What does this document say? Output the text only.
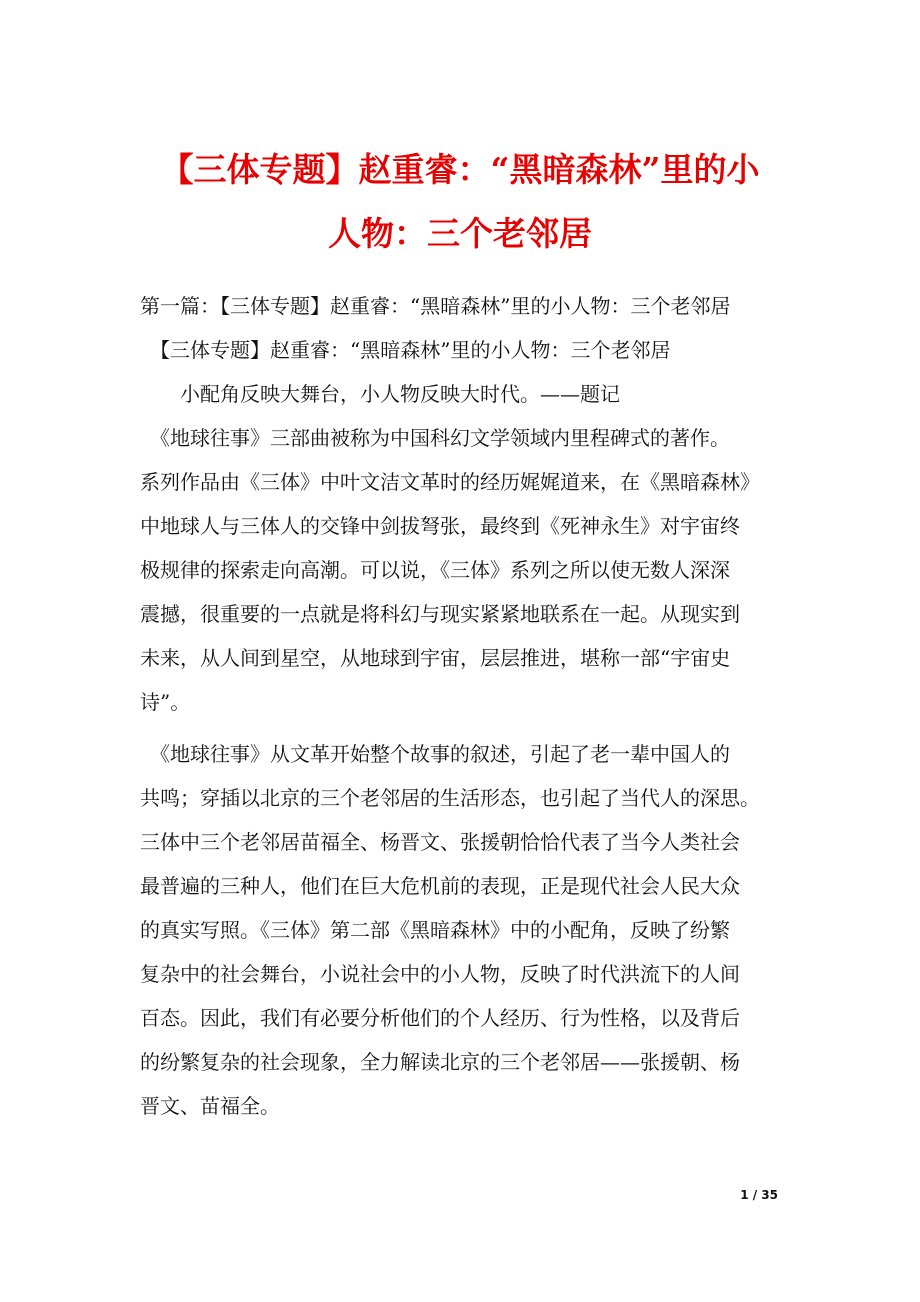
【三体专题】赵重睿：“黑暗森林”里的小
人物：三个老邻居
第一篇：【三体专题】赵重睿：“黑暗森林”里的小人物：三个老邻居
　【三体专题】赵重睿：“黑暗森林”里的小人物：三个老邻居
　　小配角反映大舞台，小人物反映大时代。——题记
　《地球往事》三部曲被称为中国科幻文学领域内里程碑式的著作。
系列作品由《三体》中叶文洁文革时的经历娓娓道来，在《黑暗森林》
中地球人与三体人的交锋中剑拔弩张，最终到《死神永生》对宇宙终
极规律的探索走向高潮。可以说，《三体》系列之所以使无数人深深
震撼，很重要的一点就是将科幻与现实紧紧地联系在一起。从现实到
未来，从人间到星空，从地球到宇宙，层层推进，堪称一部“宇宙史
诗”。
　《地球往事》从文革开始整个故事的叙述，引起了老一辈中国人的
共鸣；穿插以北京的三个老邻居的生活形态，也引起了当代人的深思。
三体中三个老邻居苗福全、杨晋文、张援朝恰恰代表了当今人类社会
最普遍的三种人，他们在巨大危机前的表现，正是现代社会人民大众
的真实写照。《三体》第二部《黑暗森林》中的小配角，反映了纷繁
复杂中的社会舞台，小说社会中的小人物，反映了时代洪流下的人间
百态。因此，我们有必要分析他们的个人经历、行为性格，以及背后
的纷繁复杂的社会现象，全力解读北京的三个老邻居——张援朝、杨
晋文、苗福全。
1 / 35
